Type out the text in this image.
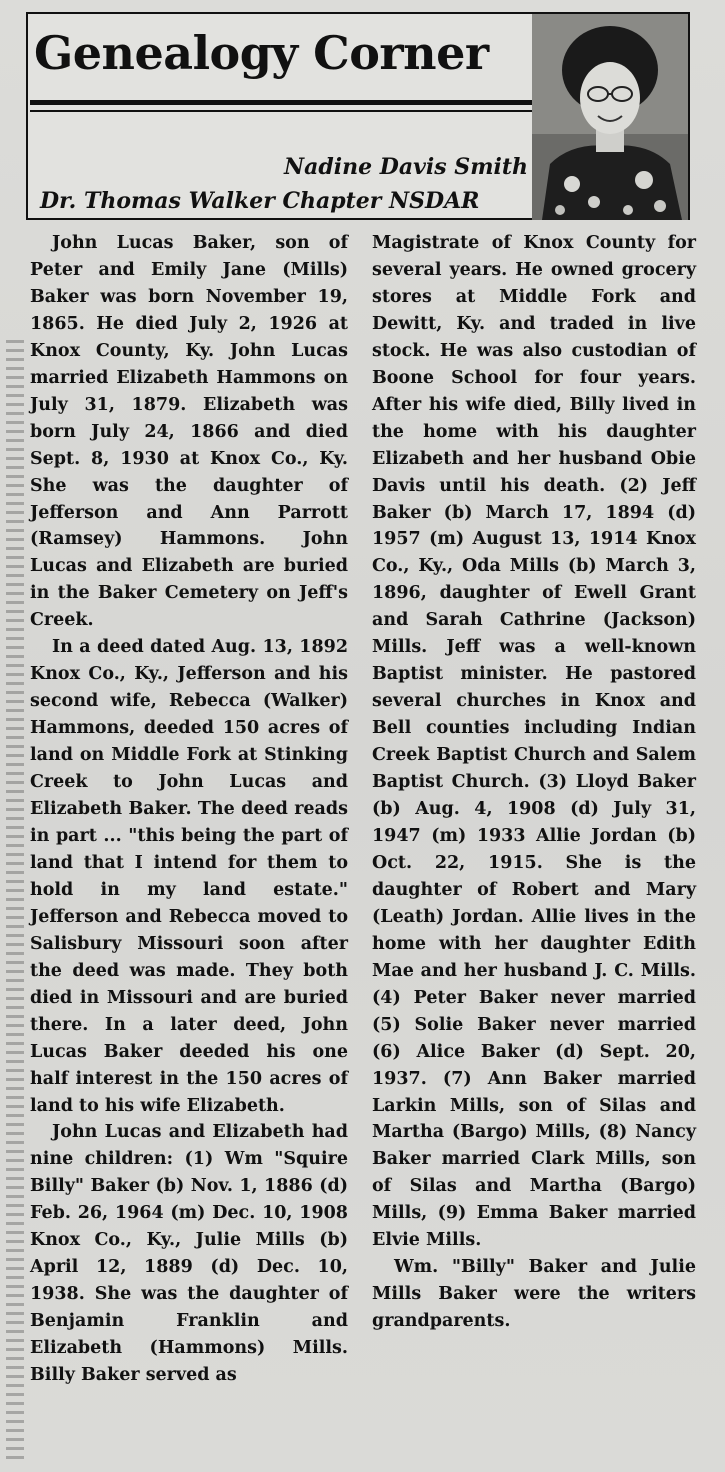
Genealogy Corner
Nadine Davis Smith
Dr. Thomas Walker Chapter NSDAR

John Lucas Baker, son of Peter and Emily Jane (Mills) Baker was born November 19, 1865. He died July 2, 1926 at Knox County, Ky. John Lucas married Elizabeth Hammons on July 31, 1879. Elizabeth was born July 24, 1866 and died Sept. 8, 1930 at Knox Co., Ky. She was the daughter of Jefferson and Ann Parrott (Ramsey) Hammons. John Lucas and Elizabeth are buried in the Baker Cemetery on Jeff's Creek.

In a deed dated Aug. 13, 1892 Knox Co., Ky., Jefferson and his second wife, Rebecca (Walker) Hammons, deeded 150 acres of land on Middle Fork at Stinking Creek to John Lucas and Elizabeth Baker. The deed reads in part ... "this being the part of land that I intend for them to hold in my land estate." Jefferson and Rebecca moved to Salisbury Missouri soon after the deed was made. They both died in Missouri and are buried there. In a later deed, John Lucas Baker deeded his one half interest in the 150 acres of land to his wife Elizabeth.

John Lucas and Elizabeth had nine children: (1) Wm "Squire Billy" Baker (b) Nov. 1, 1886 (d) Feb. 26, 1964 (m) Dec. 10, 1908 Knox Co., Ky., Julie Mills (b) April 12, 1889 (d) Dec. 10, 1938. She was the daughter of Benjamin Franklin and Elizabeth (Hammons) Mills. Billy Baker served as

Magistrate of Knox County for several years. He owned grocery stores at Middle Fork and Dewitt, Ky. and traded in live stock. He was also custodian of Boone School for four years. After his wife died, Billy lived in the home with his daughter Elizabeth and her husband Obie Davis until his death. (2) Jeff Baker (b) March 17, 1894 (d) 1957 (m) August 13, 1914 Knox Co., Ky., Oda Mills (b) March 3, 1896, daughter of Ewell Grant and Sarah Cathrine (Jackson) Mills. Jeff was a well-known Baptist minister. He pastored several churches in Knox and Bell counties including Indian Creek Baptist Church and Salem Baptist Church. (3) Lloyd Baker (b) Aug. 4, 1908 (d) July 31, 1947 (m) 1933 Allie Jordan (b) Oct. 22, 1915. She is the daughter of Robert and Mary (Leath) Jordan. Allie lives in the home with her daughter Edith Mae and her husband J. C. Mills. (4) Peter Baker never married (5) Solie Baker never married (6) Alice Baker (d) Sept. 20, 1937. (7) Ann Baker married Larkin Mills, son of Silas and Martha (Bargo) Mills, (8) Nancy Baker married Clark Mills, son of Silas and Martha (Bargo) Mills, (9) Emma Baker married Elvie Mills.

Wm. "Billy" Baker and Julie Mills Baker were the writers grandparents.
